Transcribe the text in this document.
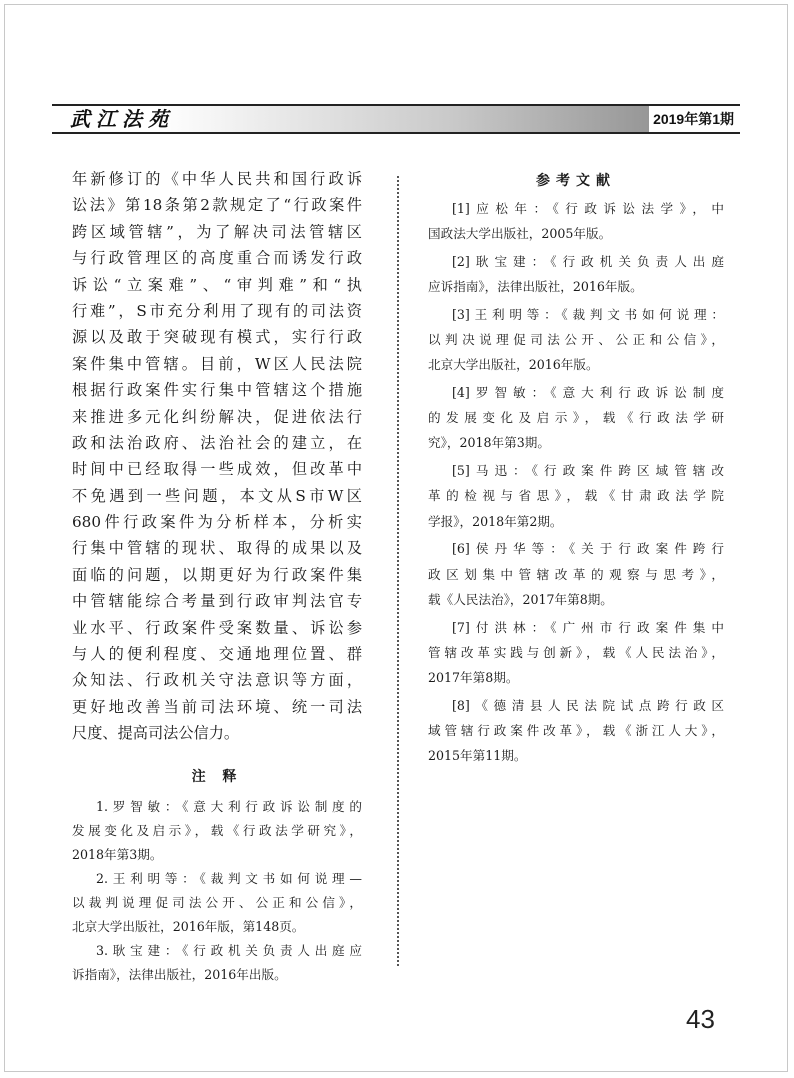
武江法苑	2019年第1期
年新修订的《中华人民共和国行政诉
讼法》第18条第2款规定了“行政案件
跨区域管辖”，为了解决司法管辖区
与行政管理区的高度重合而诱发行政
诉讼“立案难”、“审判难”和“执
行难”，S市充分利用了现有的司法资
源以及敢于突破现有模式，实行行政
案件集中管辖。目前，W区人民法院
根据行政案件实行集中管辖这个措施
来推进多元化纠纷解决，促进依法行
政和法治政府、法治社会的建立，在
时间中已经取得一些成效，但改革中
不免遇到一些问题，本文从S市W区
680件行政案件为分析样本，分析实
行集中管辖的现状、取得的成果以及
面临的问题，以期更好为行政案件集
中管辖能综合考量到行政审判法官专
业水平、行政案件受案数量、诉讼参
与人的便利程度、交通地理位置、群
众知法、行政机关守法意识等方面，
更好地改善当前司法环境、统一司法
尺度、提高司法公信力。
注 释
1.罗智敏：《意大利行政诉讼制度的
发展变化及启示》，载《行政法学研究》，
2018年第3期。
2.王利明等：《裁判文书如何说理—
以裁判说理促司法公开、公正和公信》，
北京大学出版社，2016年版，第148页。
3.耿宝建：《行政机关负责人出庭应
诉指南》，法律出版社，2016年出版。
参考文献
[1]应松年：《行政诉讼法学》，中
国政法大学出版社，2005年版。
[2]耿宝建：《行政机关负责人出庭
应诉指南》，法律出版社，2016年版。
[3]王利明等：《裁判文书如何说理：
以判决说理促司法公开、公正和公信》，
北京大学出版社，2016年版。
[4]罗智敏：《意大利行政诉讼制度
的发展变化及启示》，载《行政法学研
究》，2018年第3期。
[5]马迅：《行政案件跨区域管辖改
革的检视与省思》，载《甘肃政法学院
学报》，2018年第2期。
[6]侯丹华等：《关于行政案件跨行
政区划集中管辖改革的观察与思考》，
载《人民法治》，2017年第8期。
[7]付洪林：《广州市行政案件集中
管辖改革实践与创新》，载《人民法治》，
2017年第8期。
[8]《德清县人民法院试点跨行政区
域管辖行政案件改革》，载《浙江人大》，
2015年第11期。
43
